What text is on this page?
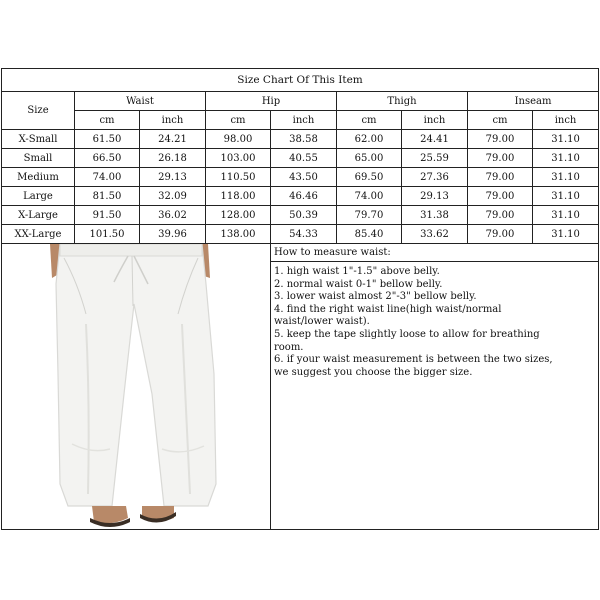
Size Chart Of This Item								
Size	Waist		Hip		Thigh		Inseam	
	cm	inch	cm	inch	cm	inch	cm	inch
X-Small	61.50	24.21	98.00	38.58	62.00	24.41	79.00	31.10
Small	66.50	26.18	103.00	40.55	65.00	25.59	79.00	31.10
Medium	74.00	29.13	110.50	43.50	69.50	27.36	79.00	31.10
Large	81.50	32.09	118.00	46.46	74.00	29.13	79.00	31.10
X-Large	91.50	36.02	128.00	50.39	79.70	31.38	79.00	31.10
XX-Large	101.50	39.96	138.00	54.33	85.40	33.62	79.00	31.10
How to measure waist:
1. high waist 1"-1.5" above belly.
2. normal waist 0-1" bellow belly.
3. lower waist almost 2"-3" bellow belly.
4. find the right waist line(high waist/normal
waist/lower waist).
5. keep the tape slightly loose to allow for breathing
room.
6. if your waist measurement is between the two sizes,
we suggest you choose the bigger size.
